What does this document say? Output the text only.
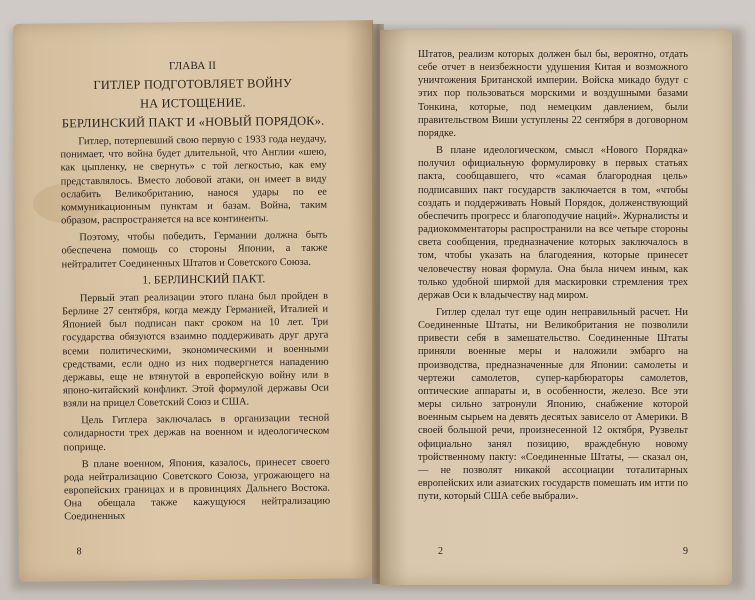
ГЛАВА II

ГИТЛЕР ПОДГОТОВЛЯЕТ ВОЙНУ

НА ИСТОЩЕНИЕ.

БЕРЛИНСКИЙ ПАКТ И «НОВЫЙ ПОРЯДОК».

Гитлер, потерпевший свою первую с 1933 года неудачу, понимает, что война будет длительной, что Англии «шею, как цыпленку, не свернуть» с той легкостью, как ему представлялось. Вместо лобовой атаки, он имеет в виду ослабить Великобританию, нанося удары по ее коммуникационным пунктам и базам. Война, таким образом, распространяется на все континенты.

Поэтому, чтобы победить, Германии должна быть обеспечена помощь со стороны Японии, а также нейтралитет Соединенных Штатов и Советского Союза.

1. БЕРЛИНСКИЙ ПАКТ.

Первый этап реализации этого плана был пройден в Берлине 27 сентября, когда между Германией, Италией и Японией был подписан пакт сроком на 10 лет. Три государства обязуются взаимно поддерживать друг друга всеми политическими, экономическими и военными средствами, если одно из них подвергнется нападению державы, еще не втянутой в европейскую войну или в японо-китайский конфликт. Этой формулой державы Оси взяли на прицел Советский Союз и США.

Цель Гитлера заключалась в организации тесной солидарности трех держав на военном и идеологическом поприще.

В плане военном, Япония, казалось, принесет своего рода нейтрализацию Советского Союза, угрожающего на европейских границах и в провинциях Дальнего Востока. Она обещала также кажущуюся нейтрализацию Соединенных

8

Штатов, реализм которых должен был бы, вероятно, отдать себе отчет в неизбежности удушения Китая и возможного уничтожения Британской империи. Войска микадо будут с этих пор пользоваться морскими и воздушными базами Тонкина, которые, под немецким давлением, были правительством Виши уступлены 22 сентября в договорном порядке.

В плане идеологическом, смысл «Нового Порядка» получил официальную формулировку в первых статьях пакта, сообщавшего, что «самая благородная цель» подписавших пакт государств заключается в том, «чтобы создать и поддерживать Новый Порядок, долженствующий обеспечить прогресс и благоподучие наций». Журналисты и радиокомментаторы распространили на все четыре стороны света сообщения, предназначение которых заключалось в том, чтобы указать на благодеяния, которые принесет человечеству новая формула. Она была ничем иным, как только удобной ширмой для маскировки стремления трех держав Оси к владычеству над миром.

Гитлер сделал тут еще один неправильный расчет. Ни Соединенные Штаты, ни Великобритания не позволили привести себя в замешательство. Соединенные Штаты приняли военные меры и наложили эмбарго на производства, предназначенные для Японии: самолеты и чертежи самолетов, супер-карбюраторы самолетов, оптические аппараты и, в особенности, железо. Все эти меры сильно затронули Японию, снабжение которой военным сырьем на девять десятых зависело от Америки. В своей большой речи, произнесенной 12 октября, Рузвельт официально занял позицию, враждебную новому тройственному пакту: «Соединенные Штаты, — сказал он, — не позволят никакой ассоциации тоталитарных европейских или азиатских государств помешать им итти по пути, который США себе выбрали».

2	9
